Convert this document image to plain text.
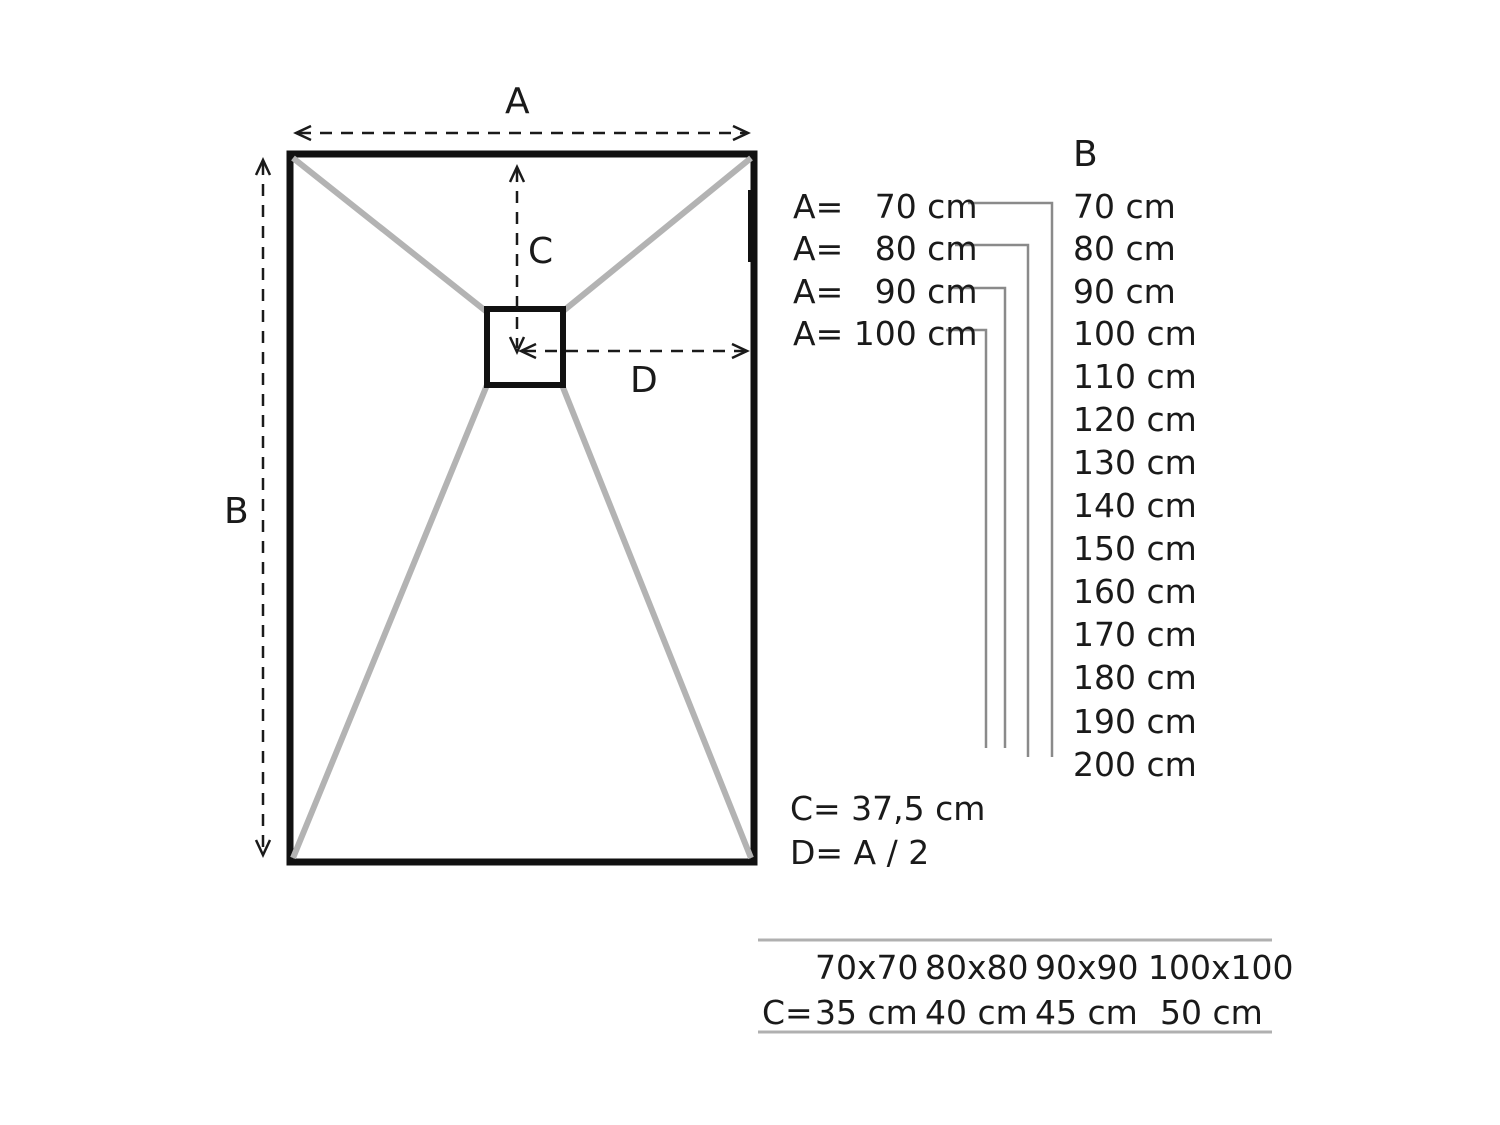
A
B
C
D
B
A=   70 cm
A=   80 cm
A=   90 cm
A= 100 cm
70 cm
80 cm
90 cm
100 cm
110 cm
120 cm
130 cm
140 cm
150 cm
160 cm
170 cm
180 cm
190 cm
200 cm
C= 37,5 cm
D= A / 2
70x70 80x80 90x90 100x100
C= 35 cm 40 cm 45 cm 50 cm
